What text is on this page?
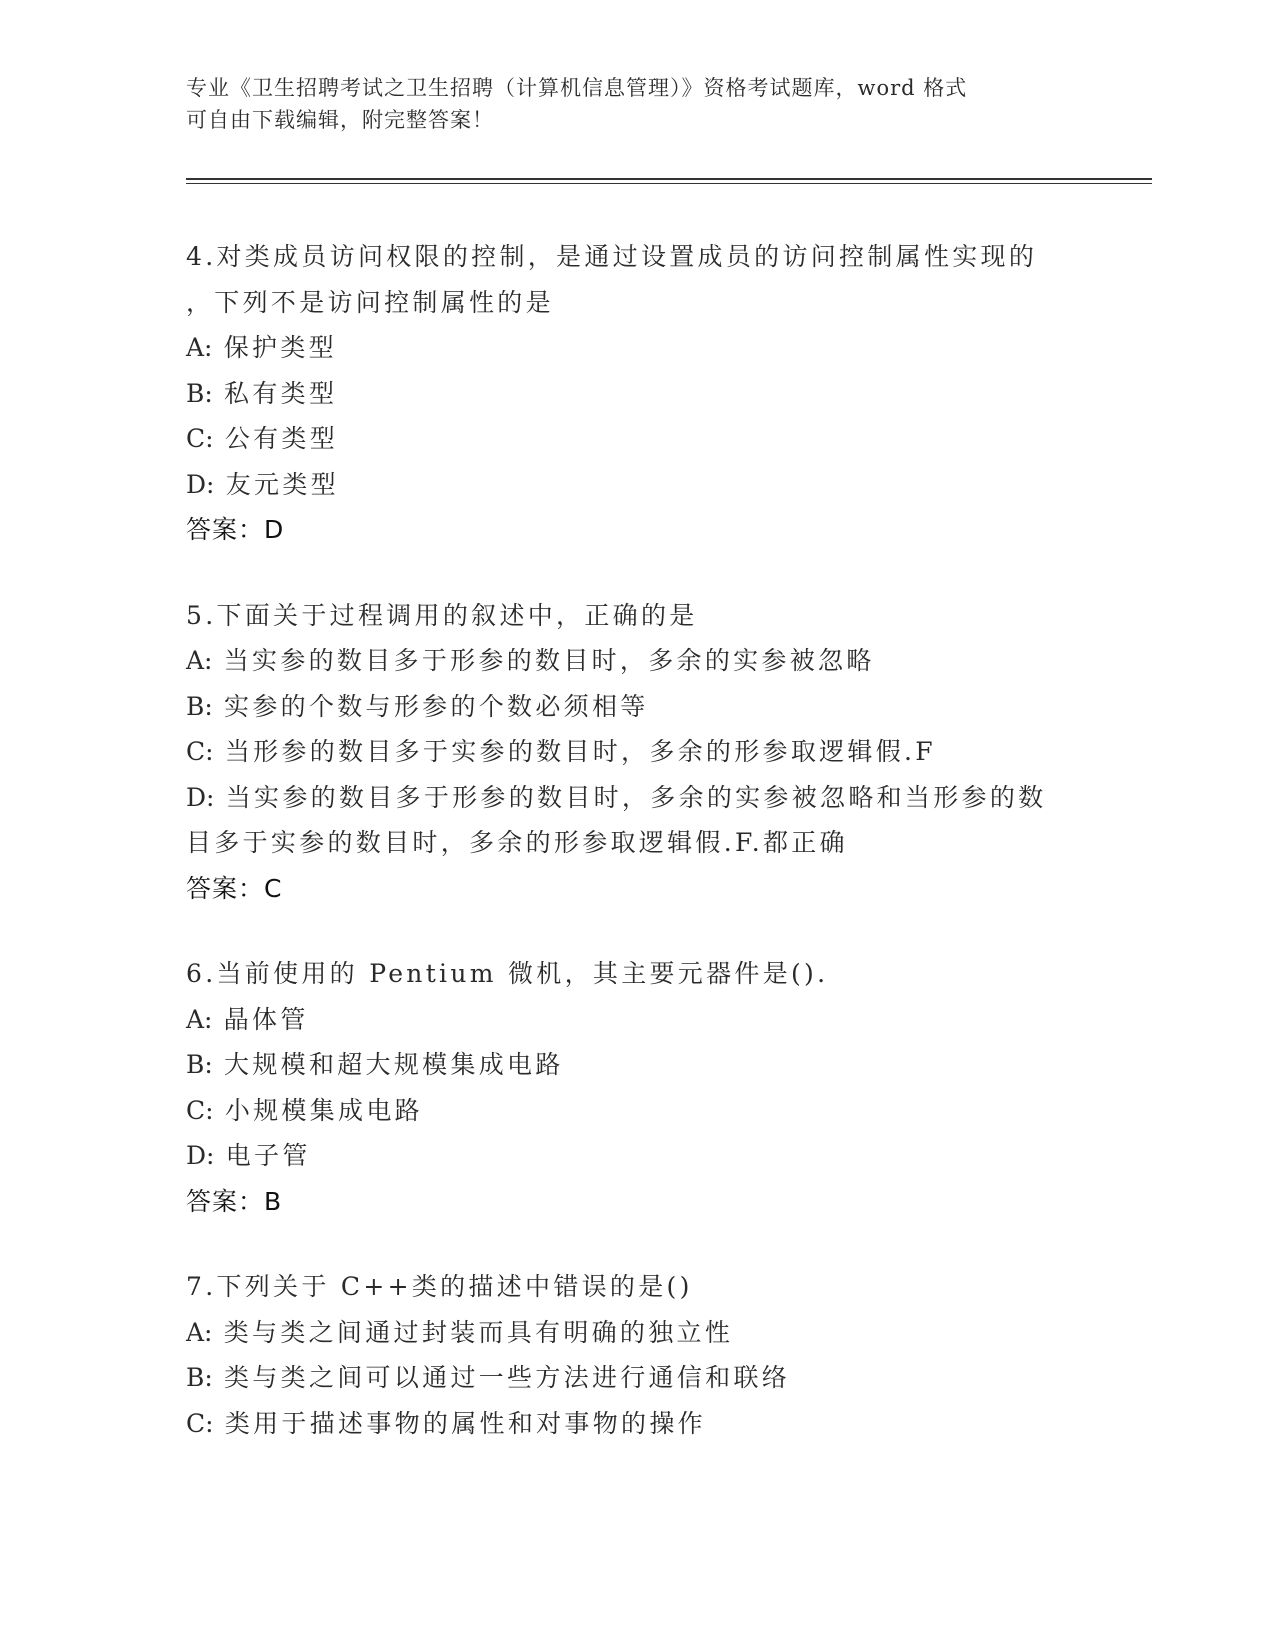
专业《卫生招聘考试之卫生招聘（计算机信息管理）》资格考试题库，word 格式
可自由下载编辑，附完整答案！
4.对类成员访问权限的控制，是通过设置成员的访问控制属性实现的
，下列不是访问控制属性的是
A: 保护类型
B: 私有类型
C: 公有类型
D: 友元类型
答案：D
5.下面关于过程调用的叙述中，正确的是
A: 当实参的数目多于形参的数目时，多余的实参被忽略
B: 实参的个数与形参的个数必须相等
C: 当形参的数目多于实参的数目时，多余的形参取逻辑假.F
D: 当实参的数目多于形参的数目时，多余的实参被忽略和当形参的数
目多于实参的数目时，多余的形参取逻辑假.F.都正确
答案：C
6.当前使用的 Pentium 微机，其主要元器件是().
A: 晶体管
B: 大规模和超大规模集成电路
C: 小规模集成电路
D: 电子管
答案：B
7.下列关于 C++类的描述中错误的是()
A: 类与类之间通过封装而具有明确的独立性
B: 类与类之间可以通过一些方法进行通信和联络
C: 类用于描述事物的属性和对事物的操作
